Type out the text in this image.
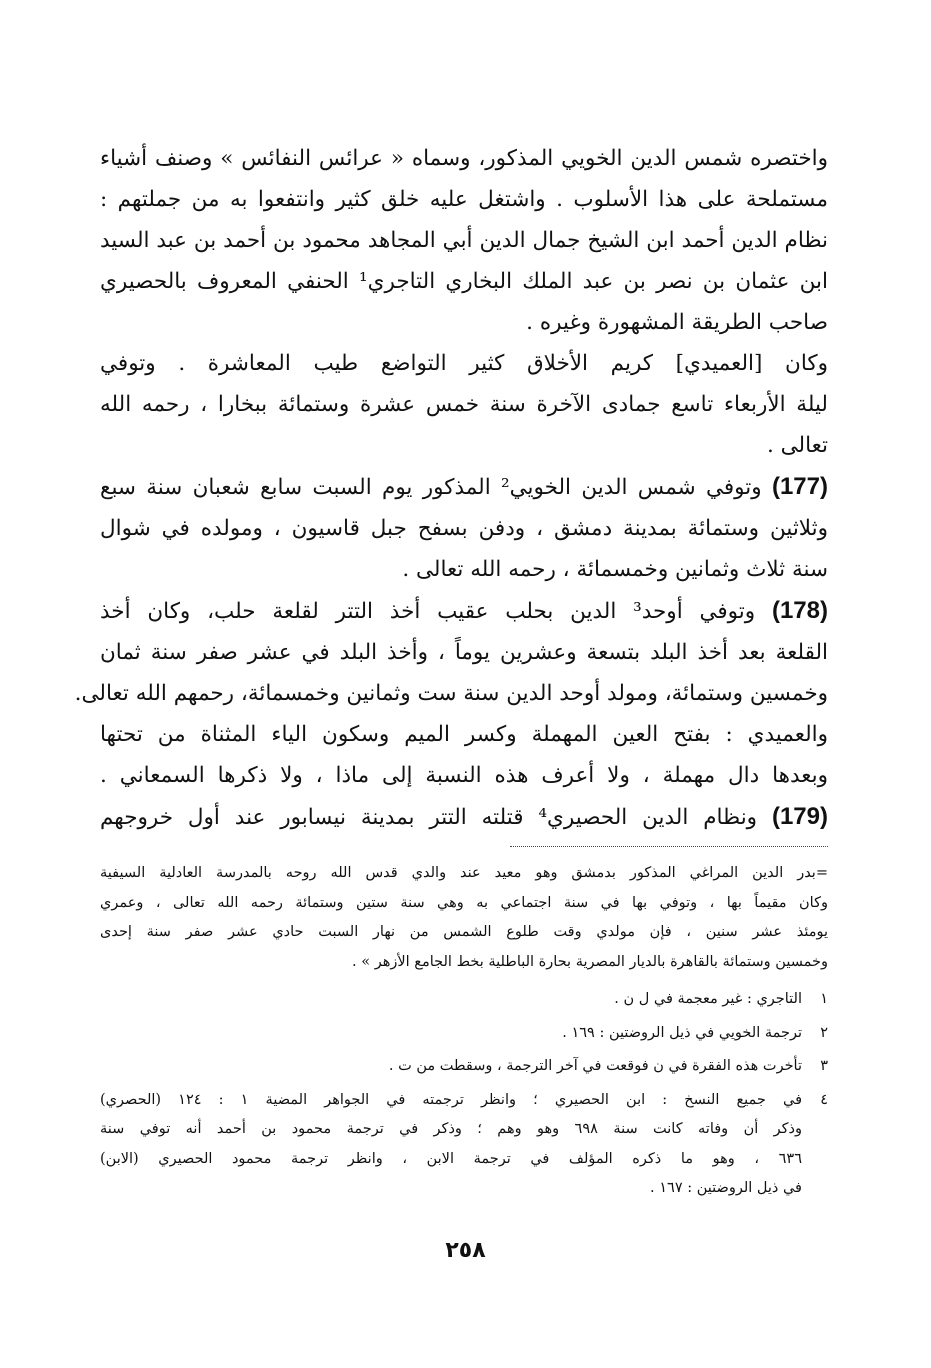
واختصره شمس الدين الخويي المذكور، وسماه « عرائس النفائس » وصنف أشياء
مستملحة على هذا الأسلوب . واشتغل عليه خلق كثير وانتفعوا به من جملتهم :
نظام الدين أحمد ابن الشيخ جمال الدين أبي المجاهد محمود بن أحمد بن عبد السيد
ابن عثمان بن نصر بن عبد الملك البخاري التاجري¹ الحنفي المعروف بالحصيري
صاحب الطريقة المشهورة وغيره .
وكان [العميدي] كريم الأخلاق كثير التواضع طيب المعاشرة . وتوفي
ليلة الأربعاء تاسع جمادى الآخرة سنة خمس عشرة وستمائة ببخارا ، رحمه الله
تعالى .
(177) وتوفي شمس الدين الخويي² المذكور يوم السبت سابع شعبان سنة سبع
وثلاثين وستمائة بمدينة دمشق ، ودفن بسفح جبل قاسيون ، ومولده في شوال
سنة ثلاث وثمانين وخمسمائة ، رحمه الله تعالى .
(178) وتوفي أوحد³ الدين بحلب عقيب أخذ التتر لقلعة حلب، وكان أخذ
القلعة بعد أخذ البلد بتسعة وعشرين يوماً ، وأخذ البلد في عشر صفر سنة ثمان
وخمسين وستمائة، ومولد أوحد الدين سنة ست وثمانين وخمسمائة، رحمهم الله تعالى.
والعميدي : بفتح العين المهملة وكسر الميم وسكون الياء المثناة من تحتها
وبعدها دال مهملة ، ولا أعرف هذه النسبة إلى ماذا ، ولا ذكرها السمعاني .
(179) ونظام الدين الحصيري⁴ قتلته التتر بمدينة نيسابور عند أول خروجهم
=بدر الدين المراغي المذكور بدمشق وهو معيد عند والدي قدس الله روحه بالمدرسة العادلية السيفية
وكان مقيماً بها ، وتوفي بها في سنة اجتماعي به وهي سنة ستين وستمائة رحمه الله تعالى ، وعمري
يومئذ عشر سنين ، فإن مولدي وقت طلوع الشمس من نهار السبت حادي عشر صفر سنة إحدى
وخمسين وستمائة بالقاهرة بالديار المصرية بحارة الباطلية بخط الجامع الأزهر » .
١
التاجري : غير معجمة في ل ن .
٢
ترجمة الخويي في ذيل الروضتين : ١٦٩ .
٣
تأخرت هذه الفقرة في ن فوقعت في آخر الترجمة ، وسقطت من ت .
٤
في جميع النسخ : ابن الحصيري ؛ وانظر ترجمته في الجواهر المضية ١ : ١٢٤ (الحصري)
وذكر أن وفاته كانت سنة ٦٩٨ وهو وهم ؛ وذكر في ترجمة محمود بن أحمد أنه توفي سنة
٦٣٦ ، وهو ما ذكره المؤلف في ترجمة الابن ، وانظر ترجمة محمود الحصيري (الابن)
في ذيل الروضتين : ١٦٧ .
٢٥٨
